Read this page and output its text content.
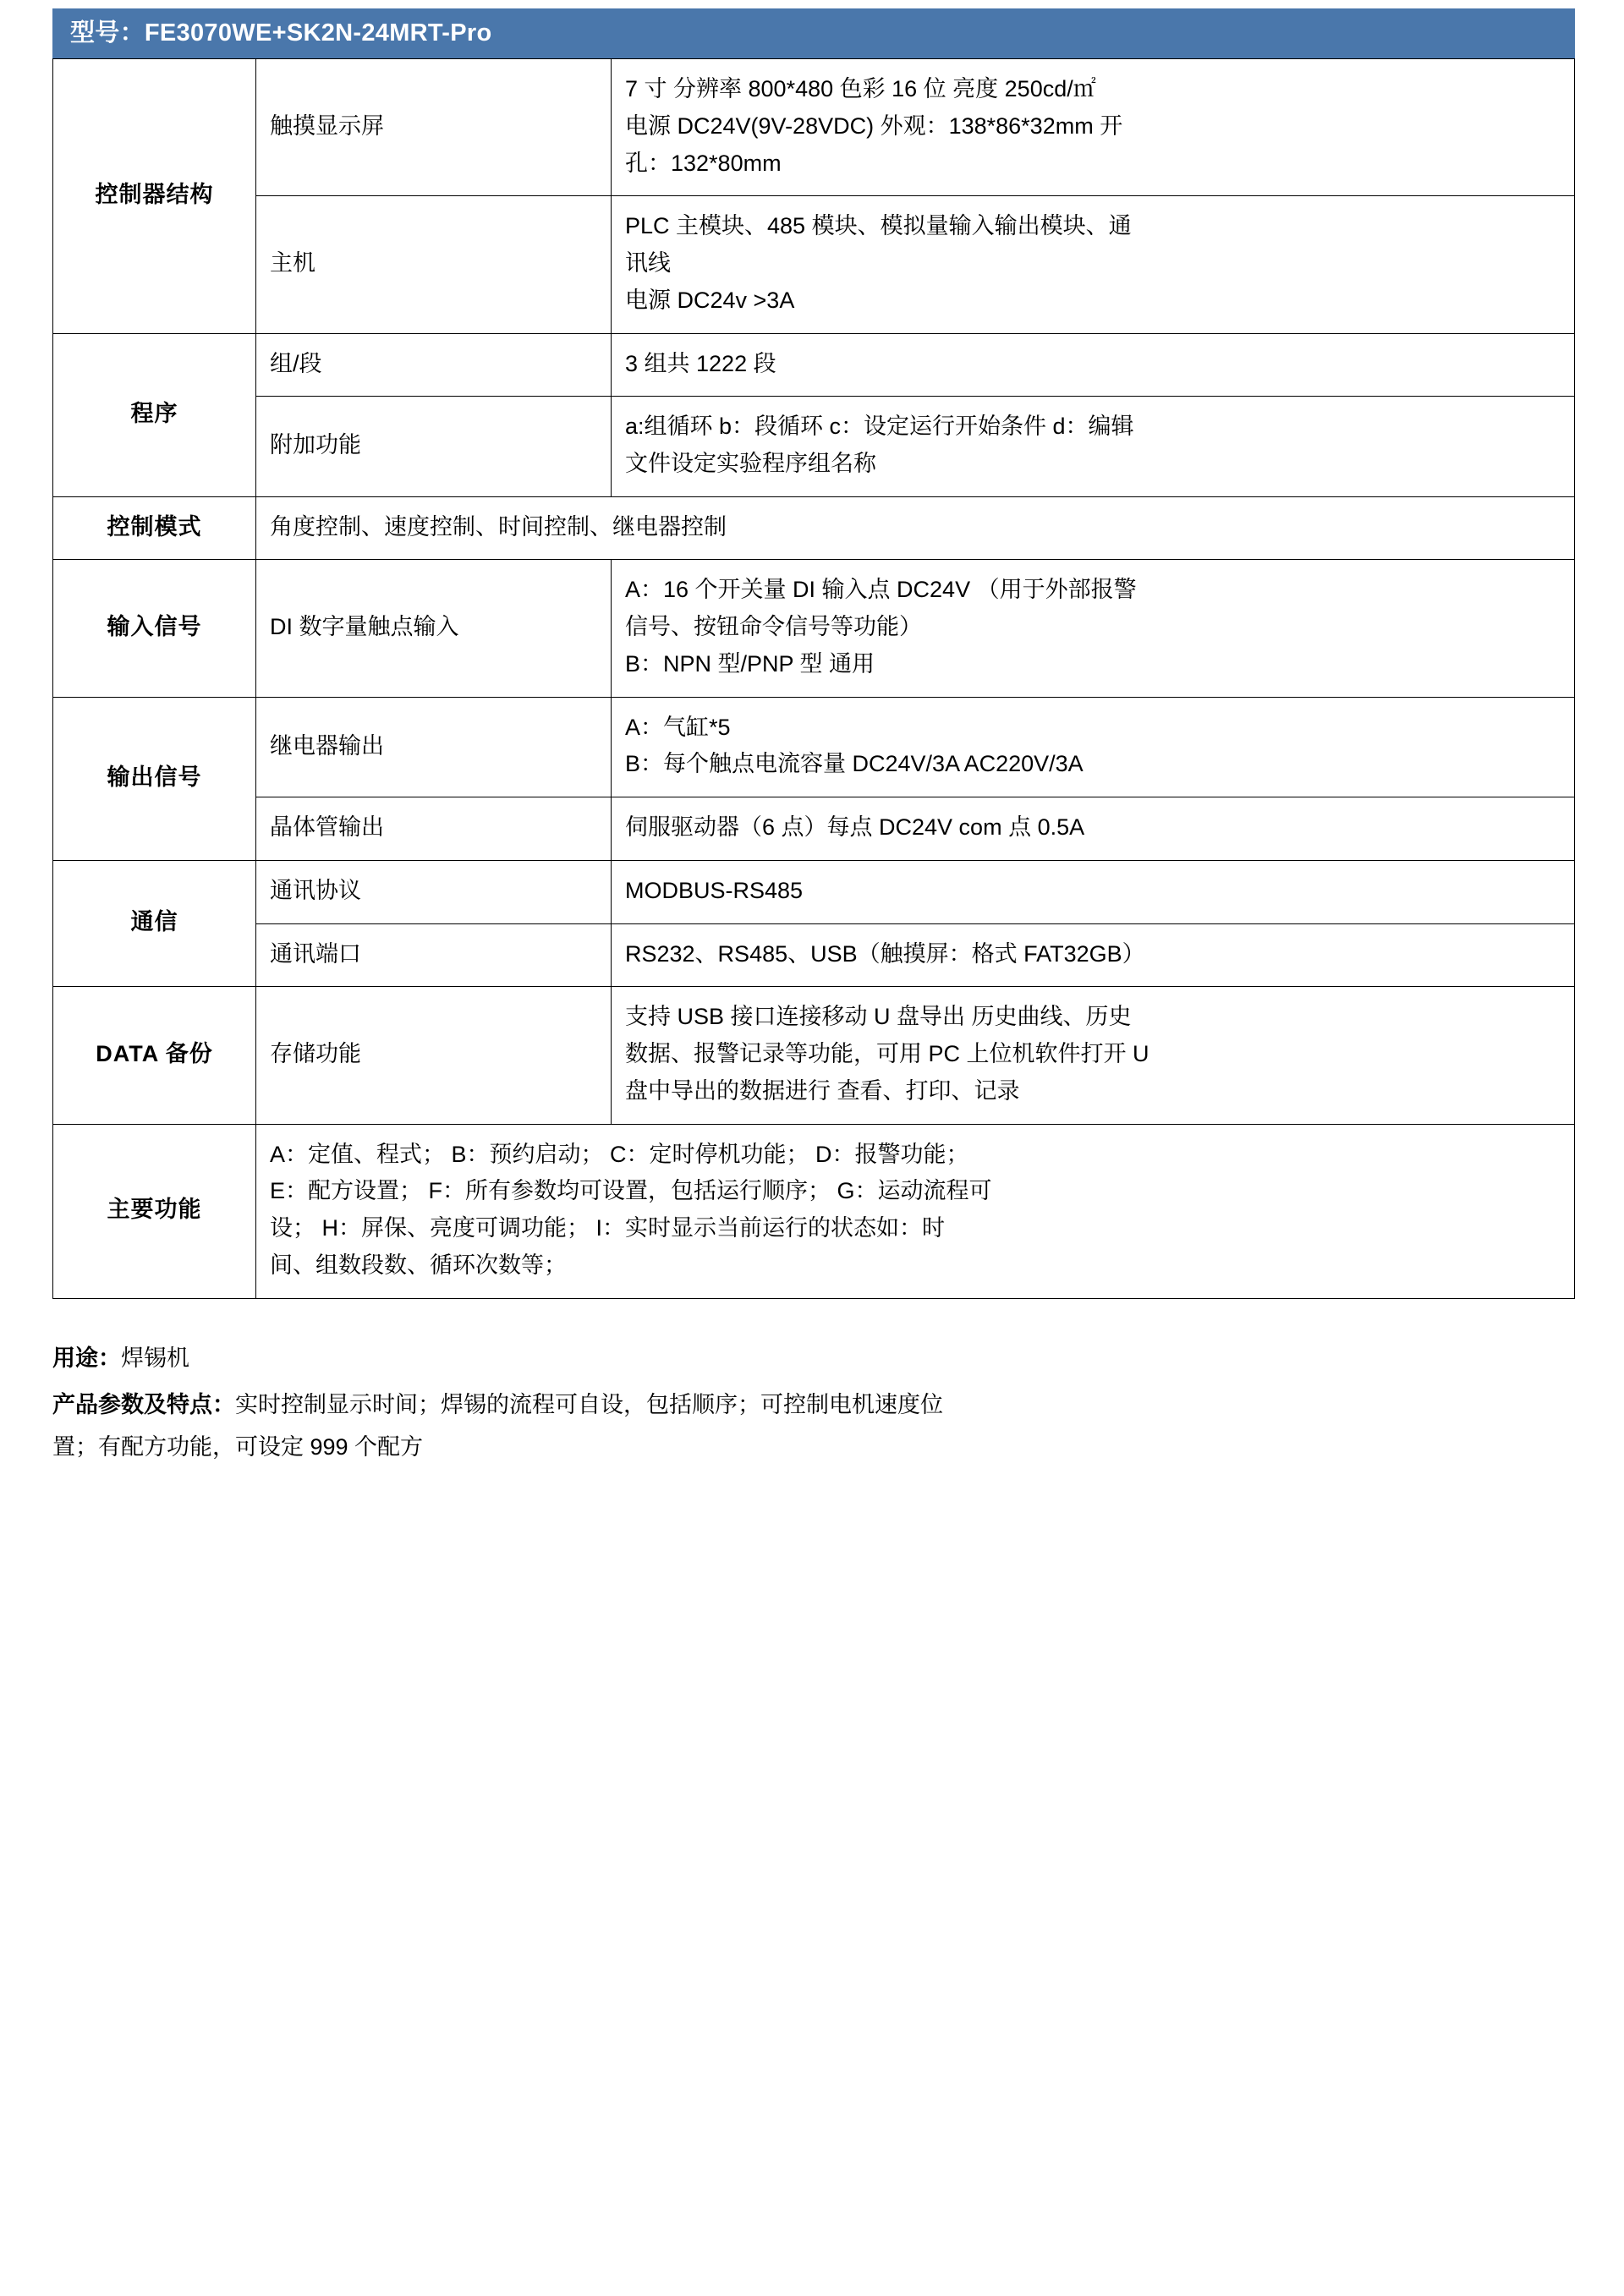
型号：FE3070WE+SK2N-24MRT-Pro
控制器结构	触摸显示屏	7 寸 分辨率 800*480 色彩 16 位 亮度 250cd/㎡

电源 DC24V(9V-28VDC) 外观：138*86*32mm 开

孔：132*80mm

	主机	PLC 主模块、485 模块、模拟量输入输出模块、通

讯线

电源 DC24v >3A

程序	组/段	3 组共 1222 段

	附加功能	a:组循环 b：段循环 c：设定运行开始条件 d：编辑

文件设定实验程序组名称

控制模式	角度控制、速度控制、时间控制、继电器控制	

输入信号	DI 数字量触点输入	A：16 个开关量 DI 输入点 DC24V （用于外部报警

信号、按钮命令信号等功能）

B：NPN 型/PNP 型 通用

输出信号	继电器输出	A：气缸*5

B：每个触点电流容量 DC24V/3A AC220V/3A

	晶体管输出	伺服驱动器（6 点）每点 DC24V com 点 0.5A

通信	通讯协议	MODBUS-RS485

	通讯端口	RS232、RS485、USB（触摸屏：格式 FAT32GB）

DATA 备份	存储功能	支持 USB 接口连接移动 U 盘导出 历史曲线、历史

数据、报警记录等功能，可用 PC 上位机软件打开 U

盘中导出的数据进行 查看、打印、记录

主要功能	A：定值、程式； B：预约启动； C：定时停机功能； D：报警功能；

E：配方设置； F：所有参数均可设置，包括运行顺序； G：运动流程可

设； H：屏保、亮度可调功能； I：实时显示当前运行的状态如：时

间、组数段数、循环次数等；	

用途：焊锡机

产品参数及特点：实时控制显示时间；焊锡的流程可自设，包括顺序；可控制电机速度位

置；有配方功能，可设定 999 个配方
